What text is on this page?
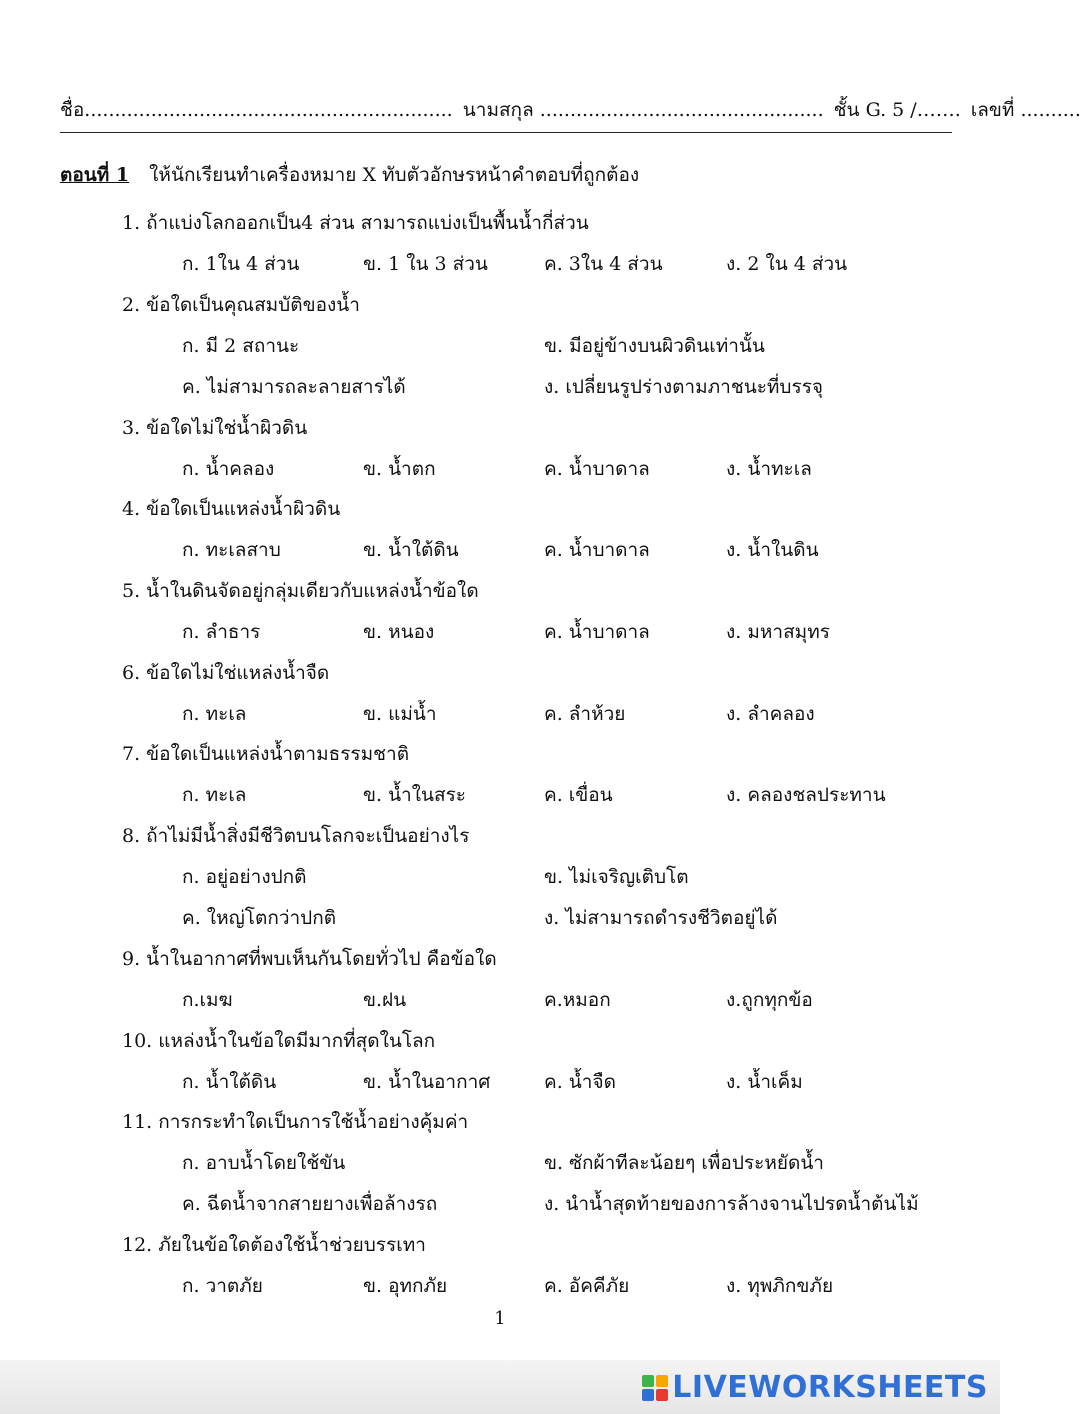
ชื่อ............................................................. นามสกุล ............................................... ชั้น G. 5 /……. เลขที่ ..........
ตอนที่ 1 ให้นักเรียนทำเครื่องหมาย X ทับตัวอักษรหน้าคำตอบที่ถูกต้อง
1. ถ้าแบ่งโลกออกเป็น4 ส่วน สามารถแบ่งเป็นพื้นน้ำกี่ส่วน
ก. 1ใน 4 ส่วน	ข. 1 ใน 3 ส่วน	ค. 3ใน 4 ส่วน	ง. 2 ใน 4 ส่วน
2. ข้อใดเป็นคุณสมบัติของน้ำ
ก. มี 2 สถานะ	ข. มีอยู่ข้างบนผิวดินเท่านั้น
ค. ไม่สามารถละลายสารได้	ง. เปลี่ยนรูปร่างตามภาชนะที่บรรจุ
3. ข้อใดไม่ใช่น้ำผิวดิน
ก. น้ำคลอง	ข. น้ำตก	ค. น้ำบาดาล	ง. น้ำทะเล
4. ข้อใดเป็นแหล่งน้ำผิวดิน
ก. ทะเลสาบ	ข. น้ำใต้ดิน	ค. น้ำบาดาล	ง. น้ำในดิน
5. น้ำในดินจัดอยู่กลุ่มเดียวกับแหล่งน้ำข้อใด
ก. ลำธาร	ข. หนอง	ค. น้ำบาดาล	ง. มหาสมุทร
6. ข้อใดไม่ใช่แหล่งน้ำจืด
ก. ทะเล	ข. แม่น้ำ	ค. ลำห้วย	ง. ลำคลอง
7. ข้อใดเป็นแหล่งน้ำตามธรรมชาติ
ก. ทะเล	ข. น้ำในสระ	ค. เขื่อน	ง. คลองชลประทาน
8. ถ้าไม่มีน้ำสิ่งมีชีวิตบนโลกจะเป็นอย่างไร
ก. อยู่อย่างปกติ	ข. ไม่เจริญเติบโต
ค. ใหญ่โตกว่าปกติ	ง. ไม่สามารถดำรงชีวิตอยู่ได้
9. น้ำในอากาศที่พบเห็นกันโดยทั่วไป คือข้อใด
ก.เมฆ	ข.ฝน	ค.หมอก	ง.ถูกทุกข้อ
10. แหล่งน้ำในข้อใดมีมากที่สุดในโลก
ก. น้ำใต้ดิน	ข. น้ำในอากาศ	ค. น้ำจืด	ง. น้ำเค็ม
11. การกระทำใดเป็นการใช้น้ำอย่างคุ้มค่า
ก. อาบน้ำโดยใช้ขัน	ข. ซักผ้าทีละน้อยๆ เพื่อประหยัดน้ำ
ค. ฉีดน้ำจากสายยางเพื่อล้างรถ	ง. นำน้ำสุดท้ายของการล้างจานไปรดน้ำต้นไม้
12. ภัยในข้อใดต้องใช้น้ำช่วยบรรเทา
ก. วาตภัย	ข. อุทกภัย	ค. อัคคีภัย	ง. ทุพภิกขภัย
1
LIVEWORKSHEETS
